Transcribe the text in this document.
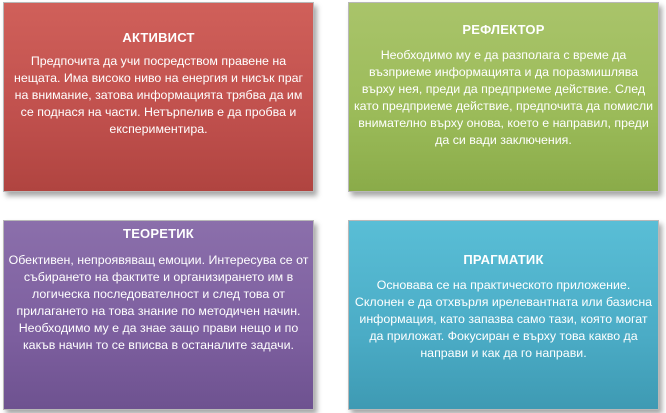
АКТИВИСТ
Предпочита да учи посредством правене на нещата. Има високо ниво на енергия и нисък праг на внимание, затова информацията трябва да им се поднася на части. Нетърпелив е да пробва и експериментира.
РЕФЛЕКТОР
Необходимо му е да разполага с време да възприеме информацията и да поразмишлява върху нея, преди да предприеме действие. След като предприеме действие, предпочита да помисли внимателно върху онова, което е направил, преди да си вади заключения.
ТЕОРЕТИК
Обективен, непроявяващ емоции. Интересува се от събирането на фактите и организирането им в логическа последователност и след това от прилагането на това знание по методичен начин. Необходимо му е да знае защо прави нещо и по какъв начин то се вписва в останалите задачи.
ПРАГМАТИК
Основава се на практическото приложение. Склонен е да отхвърля ирелевантната или базисна информация, като запазва само тази, която могат да приложат. Фокусиран е върху това какво да направи и как да го направи.
